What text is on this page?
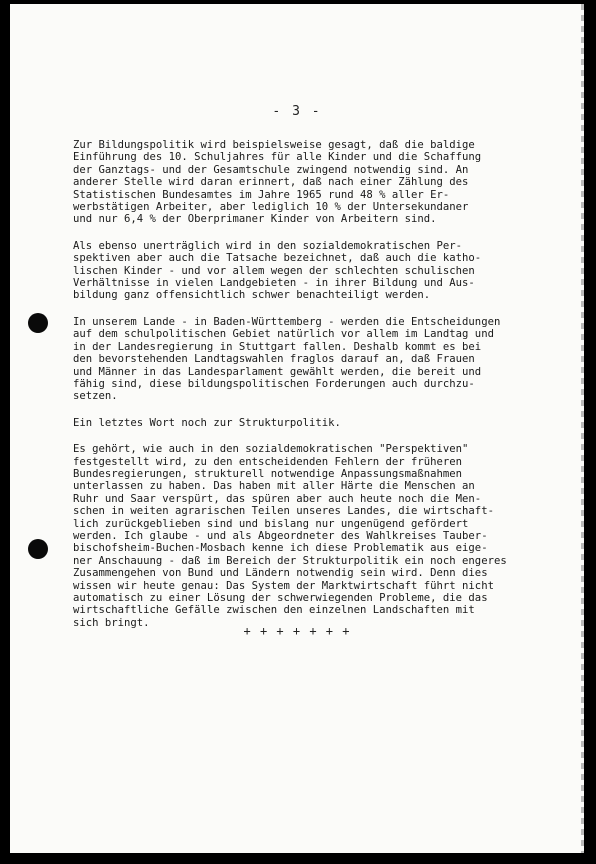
- 3 -
Zur Bildungspolitik wird beispielsweise gesagt, daß die baldige
Einführung des 10. Schuljahres für alle Kinder und die Schaffung
der Ganztags- und der Gesamtschule zwingend notwendig sind. An
anderer Stelle wird daran erinnert, daß nach einer Zählung des
Statistischen Bundesamtes im Jahre 1965 rund 48 % aller Er-
werbstätigen Arbeiter, aber lediglich 10 % der Untersekundaner
und nur 6,4 % der Oberprimaner Kinder von Arbeitern sind.
Als ebenso unerträglich wird in den sozialdemokratischen Per-
spektiven aber auch die Tatsache bezeichnet, daß auch die katho-
lischen Kinder - und vor allem wegen der schlechten schulischen
Verhältnisse in vielen Landgebieten - in ihrer Bildung und Aus-
bildung ganz offensichtlich schwer benachteiligt werden.
In unserem Lande - in Baden-Württemberg - werden die Entscheidungen
auf dem schulpolitischen Gebiet natürlich vor allem im Landtag und
in der Landesregierung in Stuttgart fallen. Deshalb kommt es bei
den bevorstehenden Landtagswahlen fraglos darauf an, daß Frauen
und Männer in das Landesparlament gewählt werden, die bereit und
fähig sind, diese bildungspolitischen Forderungen auch durchzu-
setzen.
Ein letztes Wort noch zur Strukturpolitik.
Es gehört, wie auch in den sozialdemokratischen "Perspektiven"
festgestellt wird, zu den entscheidenden Fehlern der früheren
Bundesregierungen, strukturell notwendige Anpassungsmaßnahmen
unterlassen zu haben. Das haben mit aller Härte die Menschen an
Ruhr und Saar verspürt, das spüren aber auch heute noch die Men-
schen in weiten agrarischen Teilen unseres Landes, die wirtschaft-
lich zurückgeblieben sind und bislang nur ungenügend gefördert
werden. Ich glaube - und als Abgeordneter des Wahlkreises Tauber-
bischofsheim-Buchen-Mosbach kenne ich diese Problematik aus eige-
ner Anschauung - daß im Bereich der Strukturpolitik ein noch engeres
Zusammengehen von Bund und Ländern notwendig sein wird. Denn dies
wissen wir heute genau: Das System der Marktwirtschaft führt nicht
automatisch zu einer Lösung der schwerwiegenden Probleme, die das
wirtschaftliche Gefälle zwischen den einzelnen Landschaften mit
sich bringt.
+ + + + + + +
